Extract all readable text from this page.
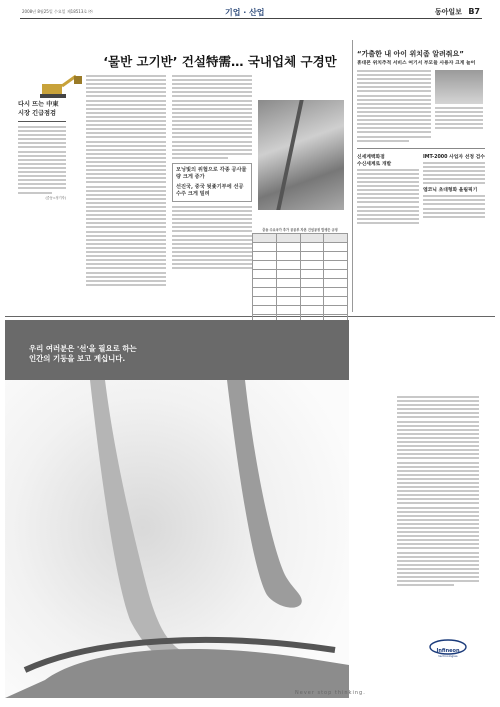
2008년 8월25일 수요일 제18513호 ㈜	기업 · 산업	동아일보 B7
‘물반 고기반’ 건설特需… 국내업체 구경만
다시 뜨는 中東 시장 긴급점검
(중동=정기자)
모닝빛의 위협으로 각종 공사물량 크게 증가
선진국, 중국 뒷좇기부에 선공수주 크게 밀려
중동 주요국가 추가 공공부 자본 건설공정 발생은 규정

“가출한 내 아이 위치좀 알려줘요”
휴대폰 위치추적 서비스 여기서 부모들 사용자 크게 늘어
신세계백화점
수신세계로 개발
IMT-2000 사업자 선정 검수
엠코닉 초대형화 올림픽기
우리 여러분은 '선'을 필요로 하는
인간의 기둥을 보고 계십니다.
Infineon
technologies
Never stop thinking.
